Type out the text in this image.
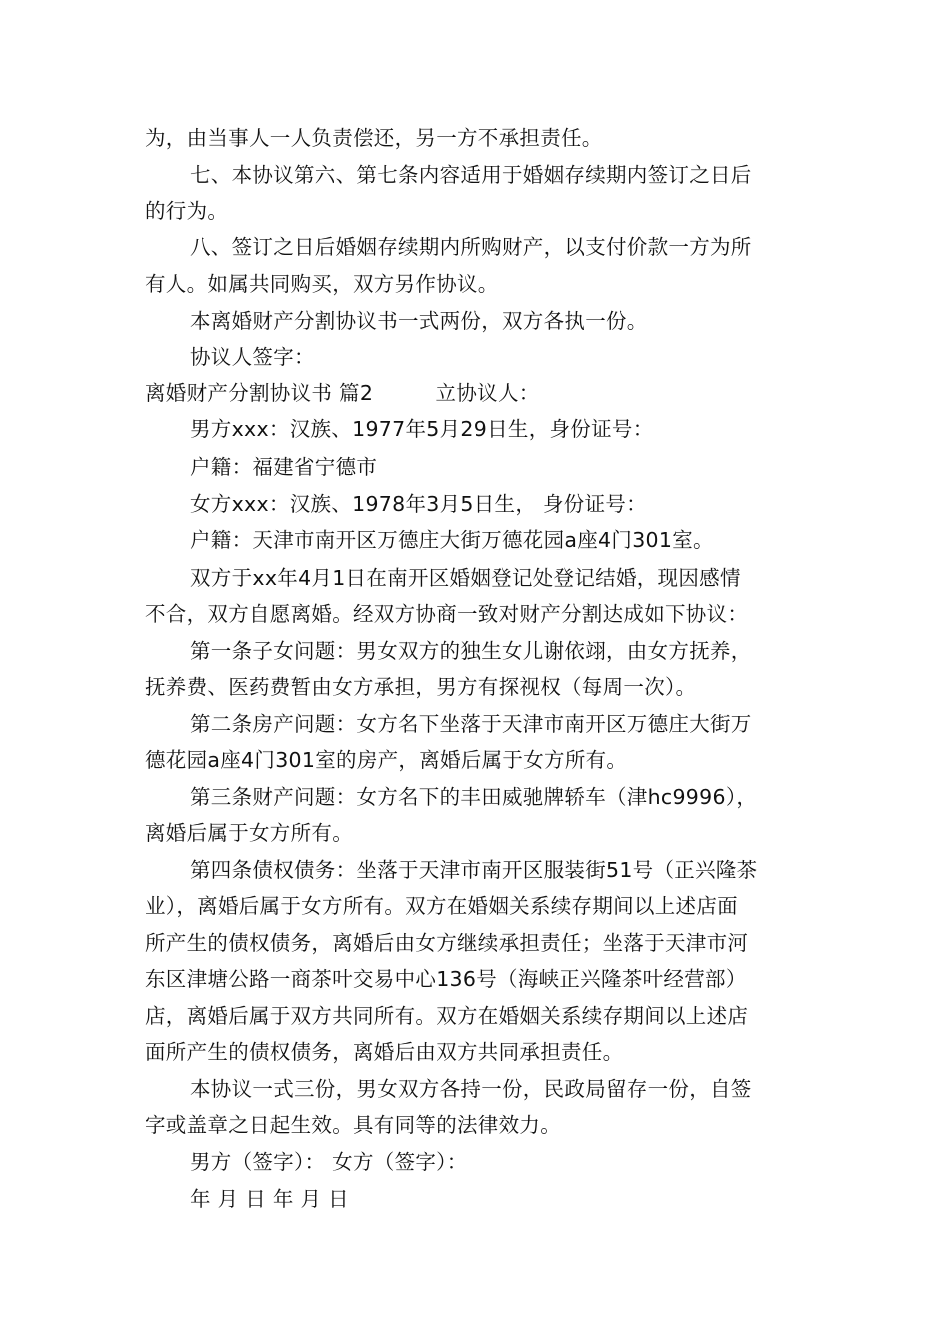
为，由当事人一人负责偿还，另一方不承担责任。
七、本协议第六、第七条内容适用于婚姻存续期内签订之日后
的行为。
八、签订之日后婚姻存续期内所购财产，以支付价款一方为所
有人。如属共同购买，双方另作协议。
本离婚财产分割协议书一式两份，双方各执一份。
协议人签字：
离婚财产分割协议书 篇2　　　立协议人：
男方xxx：汉族、1977年5月29日生，身份证号：
户籍：福建省宁德市
女方xxx：汉族、1978年3月5日生， 身份证号：
户籍：天津市南开区万德庄大街万德花园a座4门301室。
双方于xx年4月1日在南开区婚姻登记处登记结婚，现因感情
不合，双方自愿离婚。经双方协商一致对财产分割达成如下协议：
第一条子女问题：男女双方的独生女儿谢依翊，由女方抚养，
抚养费、医药费暂由女方承担，男方有探视权（每周一次）。
第二条房产问题：女方名下坐落于天津市南开区万德庄大街万
德花园a座4门301室的房产，离婚后属于女方所有。
第三条财产问题：女方名下的丰田威驰牌轿车（津hc9996），
离婚后属于女方所有。
第四条债权债务：坐落于天津市南开区服装街51号（正兴隆茶
业），离婚后属于女方所有。双方在婚姻关系续存期间以上述店面
所产生的债权债务，离婚后由女方继续承担责任；坐落于天津市河
东区津塘公路一商茶叶交易中心136号（海峡正兴隆茶叶经营部）
店，离婚后属于双方共同所有。双方在婚姻关系续存期间以上述店
面所产生的债权债务，离婚后由双方共同承担责任。
本协议一式三份，男女双方各持一份，民政局留存一份，自签
字或盖章之日起生效。具有同等的法律效力。
男方（签字）： 女方（签字）：
年 月 日 年 月 日
